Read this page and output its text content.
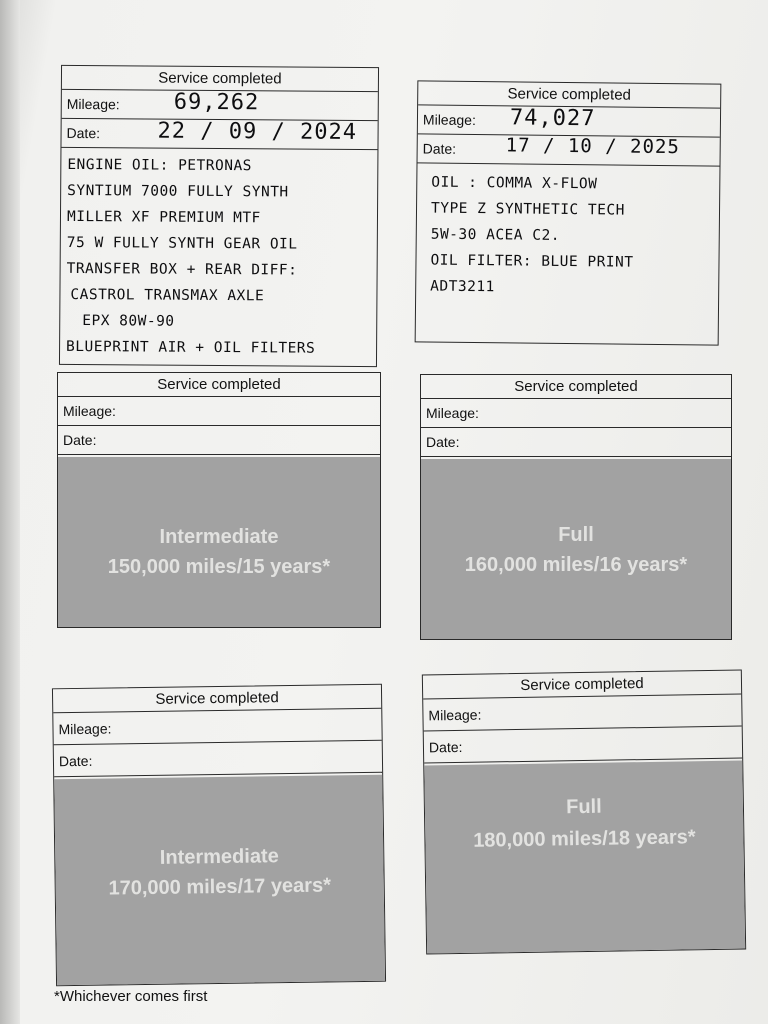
Service completed
Mileage: 69,262
Date:	22 / 09 / 2024
ENGINE OIL: PETRONAS
SYNTIUM 7000 FULLY SYNTH
MILLER XF PREMIUM MTF
75 W FULLY SYNTH GEAR OIL
TRANSFER BOX + REAR DIFF:
CASTROL TRANSMAX AXLE
EPX 80W-90
BLUEPRINT AIR + OIL FILTERS
Service completed
Mileage: 74,027
Date:	17 / 10 / 2025
OIL : COMMA X-FLOW
TYPE Z SYNTHETIC TECH
5W-30 ACEA C2.
OIL FILTER: BLUE PRINT
ADT3211
Service completed
Mileage:
Date:
Intermediate
150,000 miles/15 years*
Service completed
Mileage:
Date:
Full
160,000 miles/16 years*
Service completed
Mileage:
Date:
Intermediate
170,000 miles/17 years*
Service completed
Mileage:
Date:
Full
180,000 miles/18 years*
*Whichever comes first
